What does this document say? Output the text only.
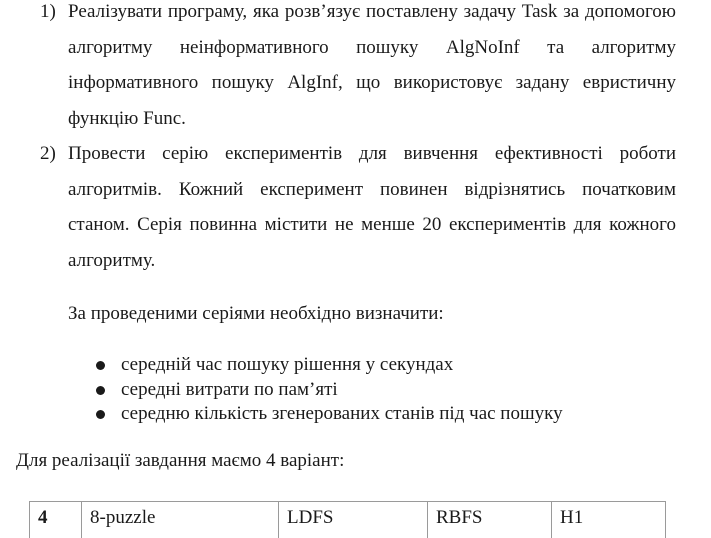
1) Реалізувати програму, яка розв’язує поставлену задачу Task за допомогою алгоритму неінформативного пошуку AlgNoInf та алгоритму інформативного пошуку AlgInf, що використовує задану евристичну функцію Func.
2) Провести серію експериментів для вивчення ефективності роботи алгоритмів. Кожний експеримент повинен відрізнятись початковим станом. Серія повинна містити не менше 20 експериментів для кожного алгоритму.

За проведеними серіями необхідно визначити:

середній час пошуку рішення у секундах
середні витрати по пам’яті
середню кількість згенерованих станів під час пошуку

Для реалізації завдання маємо 4 варіант:

4	8-puzzle	LDFS	RBFS	H1
